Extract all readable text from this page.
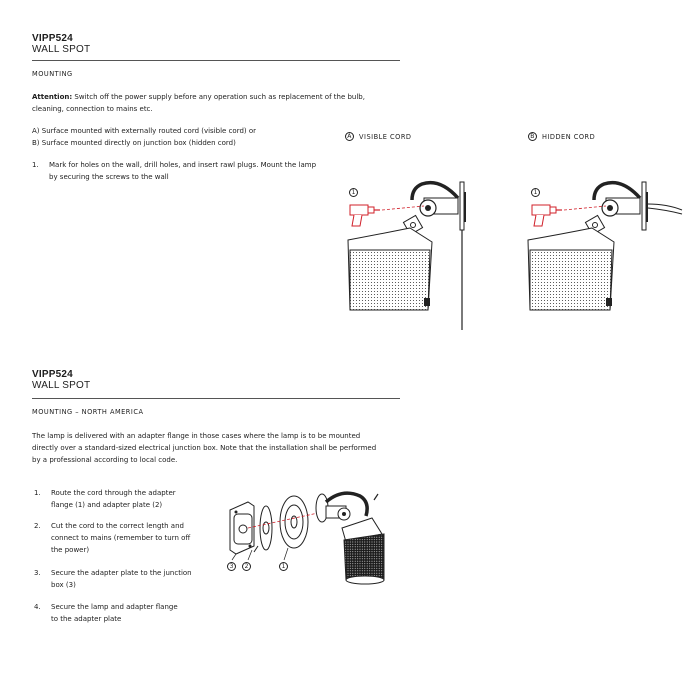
VIPP524
WALL SPOT
MOUNTING
Attention: Switch off the power supply before any operation such as replacement of the bulb,
cleaning, connection to mains etc.
A) Surface mounted with externally routed cord (visible cord) or
B) Surface mounted directly on junction box (hidden cord)
1. Mark for holes on the wall, drill holes, and insert rawl plugs. Mount the lamp
by securing the screws to the wall
A	VISIBLE CORD	B	HIDDEN CORD
1	1
VIPP524
WALL SPOT
MOUNTING – NORTH AMERICA
The lamp is delivered with an adapter flange in those cases where the lamp is to be mounted
directly over a standard-sized electrical junction box. Note that the installation shall be performed
by a professional according to local code.
1. Route the cord through the adapter
flange (1) and adapter plate (2)
2. Cut the cord to the correct length and
connect to mains (remember to turn off
the power)
3. Secure the adapter plate to the junction
box (3)
4. Secure the lamp and adapter flange
to the adapter plate
3	2	1
